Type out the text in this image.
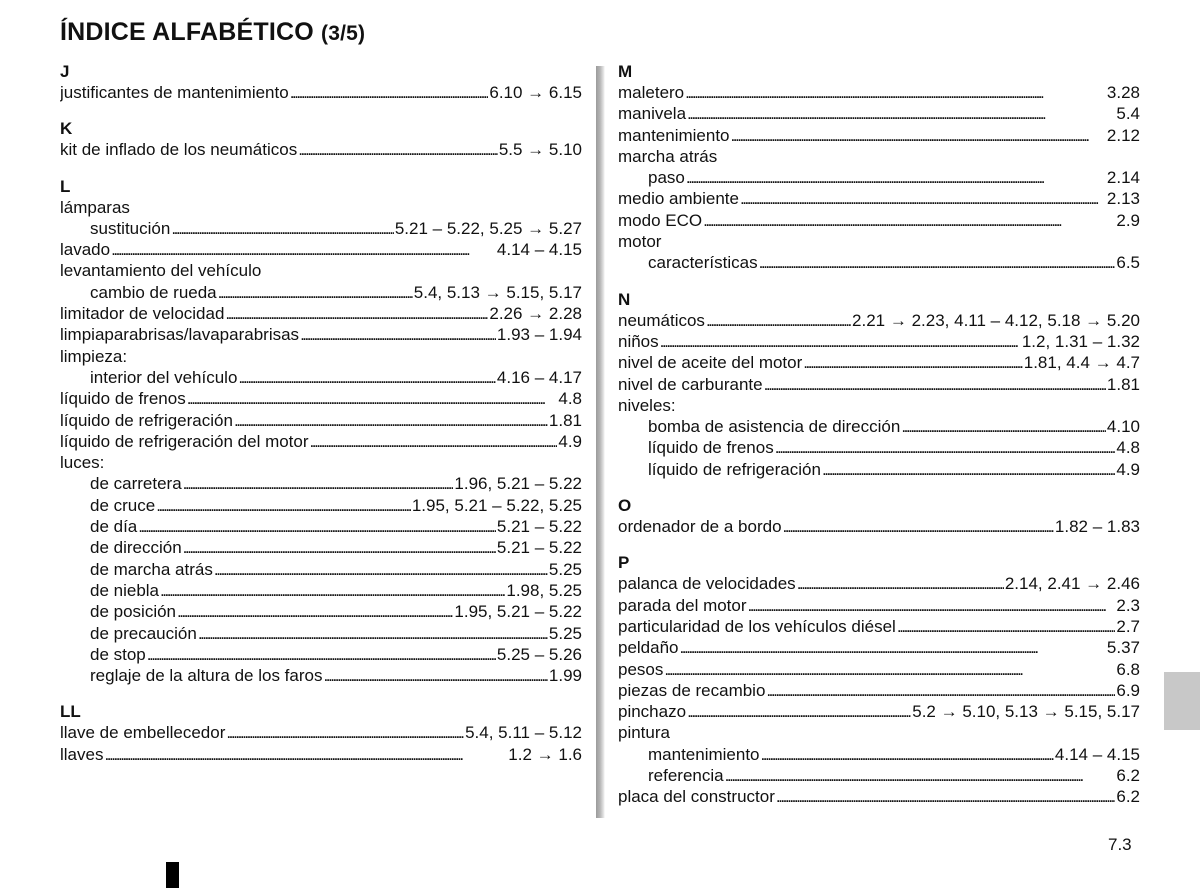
ÍNDICE ALFABÉTICO (3/5)
J
justificantes de mantenimiento . . .	6.10 → 6.15
K
kit de inflado de los neumáticos . . .	5.5 → 5.10
L
lámparas
sustitución . . .	5.21 – 5.22, 5.25 → 5.27
lavado . . .	4.14 – 4.15
levantamiento del vehículo
cambio de rueda . . .	5.4, 5.13 → 5.15, 5.17
limitador de velocidad . . .	2.26 → 2.28
limpiaparabrisas/lavaparabrisas . . .	1.93 – 1.94
limpieza:
interior del vehículo . . .	4.16 – 4.17
líquido de frenos . . .	4.8
líquido de refrigeración . . .	1.81
líquido de refrigeración del motor . . .	4.9
luces:
de carretera . . .	1.96, 5.21 – 5.22
de cruce . . .	1.95, 5.21 – 5.22, 5.25
de día . . .	5.21 – 5.22
de dirección . . .	5.21 – 5.22
de marcha atrás . . .	5.25
de niebla . . .	1.98, 5.25
de posición . . .	1.95, 5.21 – 5.22
de precaución . . .	5.25
de stop . . .	5.25 – 5.26
reglaje de la altura de los faros . . .	1.99
LL
llave de embellecedor . . .	5.4, 5.11 – 5.12
llaves . . .	1.2 → 1.6
M
maletero . . .	3.28
manivela . . .	5.4
mantenimiento . . .	2.12
marcha atrás
paso . . .	2.14
medio ambiente . . .	2.13
modo ECO . . .	2.9
motor
características . . .	6.5
N
neumáticos . . .	2.21 → 2.23, 4.11 – 4.12, 5.18 → 5.20
niños . . .	1.2, 1.31 – 1.32
nivel de aceite del motor . . .	1.81, 4.4 → 4.7
nivel de carburante . . .	1.81
niveles:
bomba de asistencia de dirección . . .	4.10
líquido de frenos . . .	4.8
líquido de refrigeración . . .	4.9
O
ordenador de a bordo . . .	1.82 – 1.83
P
palanca de velocidades . . .	2.14, 2.41 → 2.46
parada del motor . . .	2.3
particularidad de los vehículos diésel . . .	2.7
peldaño . . .	5.37
pesos . . .	6.8
piezas de recambio . . .	6.9
pinchazo . . .	5.2 → 5.10, 5.13 → 5.15, 5.17
pintura
mantenimiento . . .	4.14 – 4.15
referencia . . .	6.2
placa del constructor . . .	6.2
7.3
